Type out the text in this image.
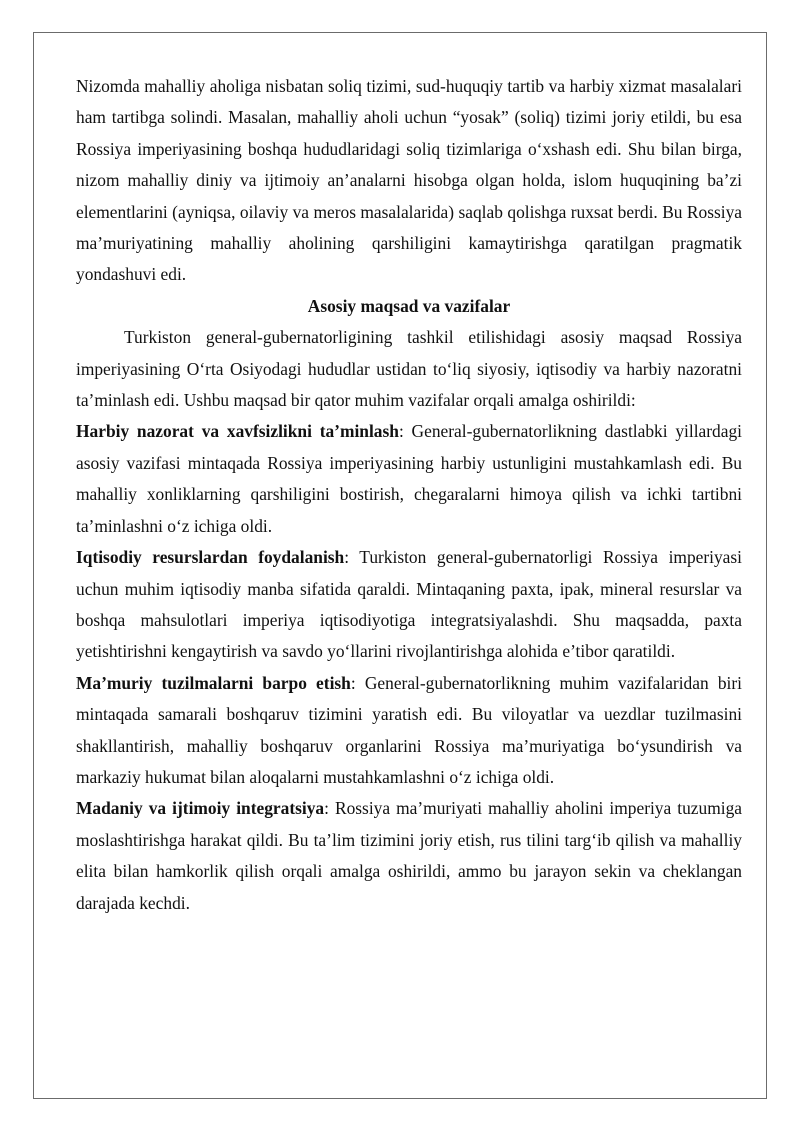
Nizomda mahalliy aholiga nisbatan soliq tizimi, sud-huquqiy tartib va harbiy xizmat masalalari ham tartibga solindi. Masalan, mahalliy aholi uchun “yosak” (soliq) tizimi joriy etildi, bu esa Rossiya imperiyasining boshqa hududlaridagi soliq tizimlariga o‘xshash edi. Shu bilan birga, nizom mahalliy diniy va ijtimoiy an’analarni hisobga olgan holda, islom huquqining ba’zi elementlarini (ayniqsa, oilaviy va meros masalalarida) saqlab qolishga ruxsat berdi. Bu Rossiya ma’muriyatining mahalliy aholining qarshiligini kamaytirishga qaratilgan pragmatik yondashuvi edi.

Asosiy maqsad va vazifalar

Turkiston general-gubernatorligining tashkil etilishidagi asosiy maqsad Rossiya imperiyasining O‘rta Osiyodagi hududlar ustidan to‘liq siyosiy, iqtisodiy va harbiy nazoratni ta’minlash edi. Ushbu maqsad bir qator muhim vazifalar orqali amalga oshirildi:

Harbiy nazorat va xavfsizlikni ta’minlash: General-gubernatorlikning dastlabki yillardagi asosiy vazifasi mintaqada Rossiya imperiyasining harbiy ustunligini mustahkamlash edi. Bu mahalliy xonliklarning qarshiligini bostirish, chegaralarni himoya qilish va ichki tartibni ta’minlashni o‘z ichiga oldi.

Iqtisodiy resurslardan foydalanish: Turkiston general-gubernatorligi Rossiya imperiyasi uchun muhim iqtisodiy manba sifatida qaraldi. Mintaqaning paxta, ipak, mineral resurslar va boshqa mahsulotlari imperiya iqtisodiyotiga integratsiyalashdi. Shu maqsadda, paxta yetishtirishni kengaytirish va savdo yo‘llarini rivojlantirishga alohida e’tibor qaratildi.

Ma’muriy tuzilmalarni barpo etish: General-gubernatorlikning muhim vazifalaridan biri mintaqada samarali boshqaruv tizimini yaratish edi. Bu viloyatlar va uezdlar tuzilmasini shakllantirish, mahalliy boshqaruv organlarini Rossiya ma’muriyatiga bo‘ysundirish va markaziy hukumat bilan aloqalarni mustahkamlashni o‘z ichiga oldi.

Madaniy va ijtimoiy integratsiya: Rossiya ma’muriyati mahalliy aholini imperiya tuzumiga moslashtirishga harakat qildi. Bu ta’lim tizimini joriy etish, rus tilini targ‘ib qilish va mahalliy elita bilan hamkorlik qilish orqali amalga oshirildi, ammo bu jarayon sekin va cheklangan darajada kechdi.
